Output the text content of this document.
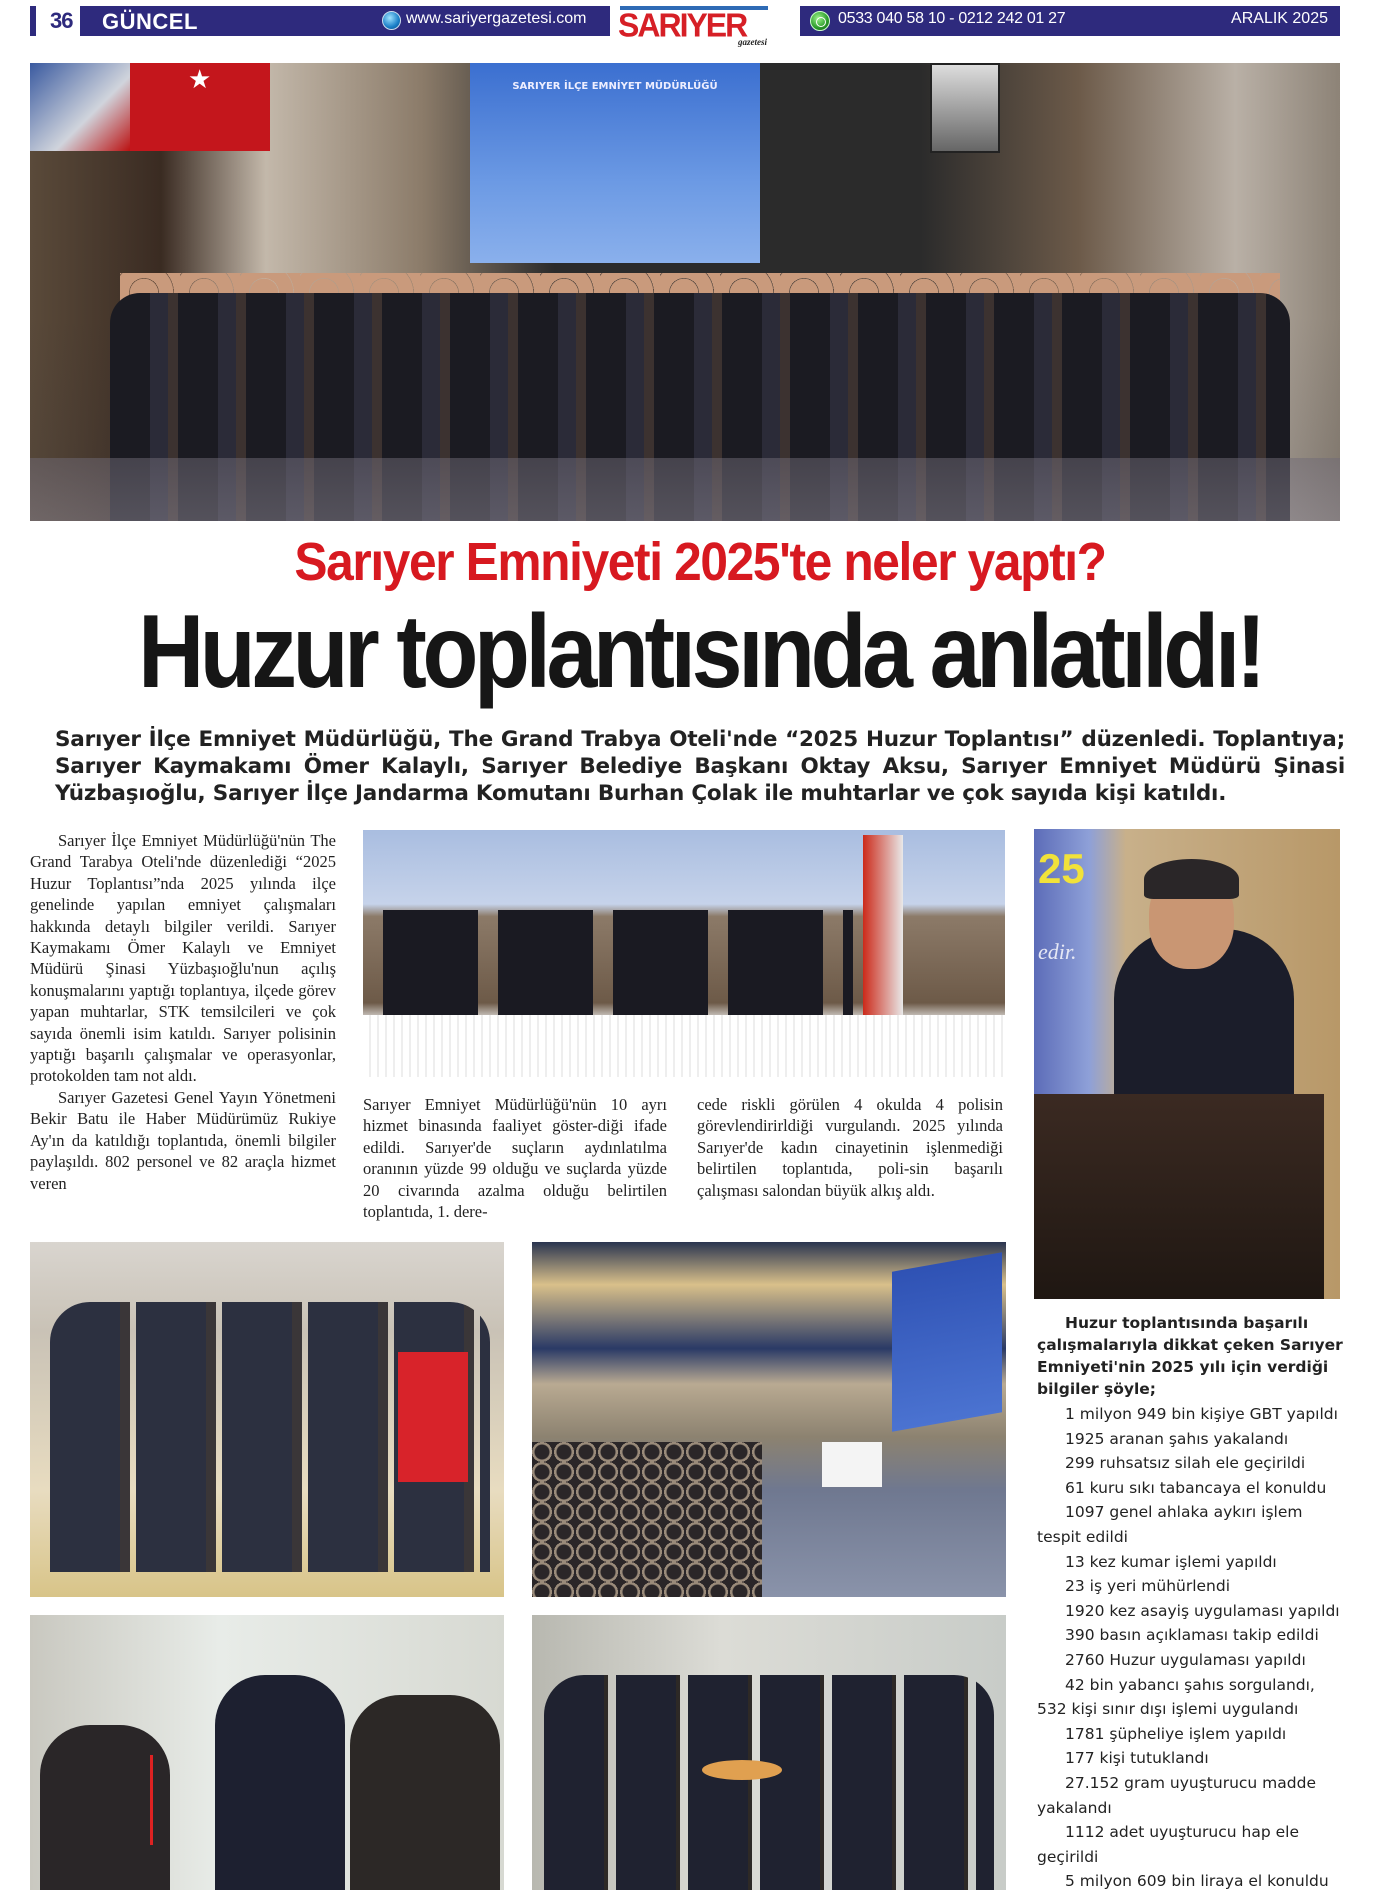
36 GÜNCEL	www.sariyergazetesi.com SARIYER
gazetesi
0533 040 58 10 - 0212 242 01 27	ARALIK 2025
★
SARIYER İLÇE EMNİYET MÜDÜRLÜĞÜ
Sarıyer Emniyeti 2025'te neler yaptı?
Huzur toplantısında anlatıldı!
Sarıyer İlçe Emniyet Müdürlüğü, The Grand Trabya Oteli'nde “2025 Huzur Toplantısı” düzenledi. Toplantıya; Sarıyer Kaymakamı Ömer Kalaylı, Sarıyer Belediye Başkanı Oktay Aksu, Sarıyer Emniyet Müdürü Şinasi Yüzbaşıoğlu, Sarıyer İlçe Jandarma Komutanı Burhan Çolak ile muhtarlar ve çok sayıda kişi katıldı.

Sarıyer İlçe Emniyet Müdürlüğü'nün The Grand Tarabya Oteli'nde düzenlediği “2025 Huzur Toplantısı”nda 2025 yılında ilçe genelinde yapılan emniyet çalışmaları hakkında detaylı bilgiler verildi. Sarıyer Kaymakamı Ömer Kalaylı ve Emniyet Müdürü Şinasi Yüzbaşıoğlu'nun açılış konuşmalarını yaptığı toplantıya, ilçede görev yapan muhtarlar, STK temsilcileri ve çok sayıda önemli isim katıldı. Sarıyer polisinin yaptığı başarılı çalışmalar ve operasyonlar, protokolden tam not aldı.

Sarıyer Gazetesi Genel Yayın Yönetmeni Bekir Batu ile Haber Müdürümüz Rukiye Ay'ın da katıldığı toplantıda, önemli bilgiler paylaşıldı. 802 personel ve 82 araçla hizmet veren

Sarıyer Emniyet Müdürlüğü'nün 10 ayrı hizmet binasında faaliyet göster-diği ifade edildi. Sarıyer'de suçların aydınlatılma oranının yüzde 99 olduğu ve suçlarda yüzde 20 civarında azalma olduğu belirtilen toplantıda, 1. dere-
cede riskli görülen 4 okulda 4 polisin görevlendirirldiği vurgulandı. 2025 yılında Sarıyer'de kadın cinayetinin işlenmediği belirtilen toplantıda, poli-sin başarılı çalışması salondan büyük alkış aldı.
25
edir.
Huzur toplantısında başarılı çalışmalarıyla dikkat çeken Sarıyer Emniyeti'nin 2025 yılı için verdiği bilgiler şöyle;
1 milyon 949 bin kişiye GBT yapıldı
1925 aranan şahıs yakalandı
299 ruhsatsız silah ele geçirildi
61 kuru sıkı tabancaya el konuldu
1097 genel ahlaka aykırı işlem tespit edildi
13 kez kumar işlemi yapıldı
23 iş yeri mühürlendi
1920 kez asayiş uygulaması yapıldı
390 basın açıklaması takip edildi
2760 Huzur uygulaması yapıldı
42 bin yabancı şahıs sorgulandı, 532 kişi sınır dışı işlemi uygulandı
1781 şüpheliye işlem yapıldı
177 kişi tutuklandı
27.152 gram uyuşturucu madde yakalandı
1112 adet uyuşturucu hap ele geçirildi
5 milyon 609 bin liraya el konuldu
